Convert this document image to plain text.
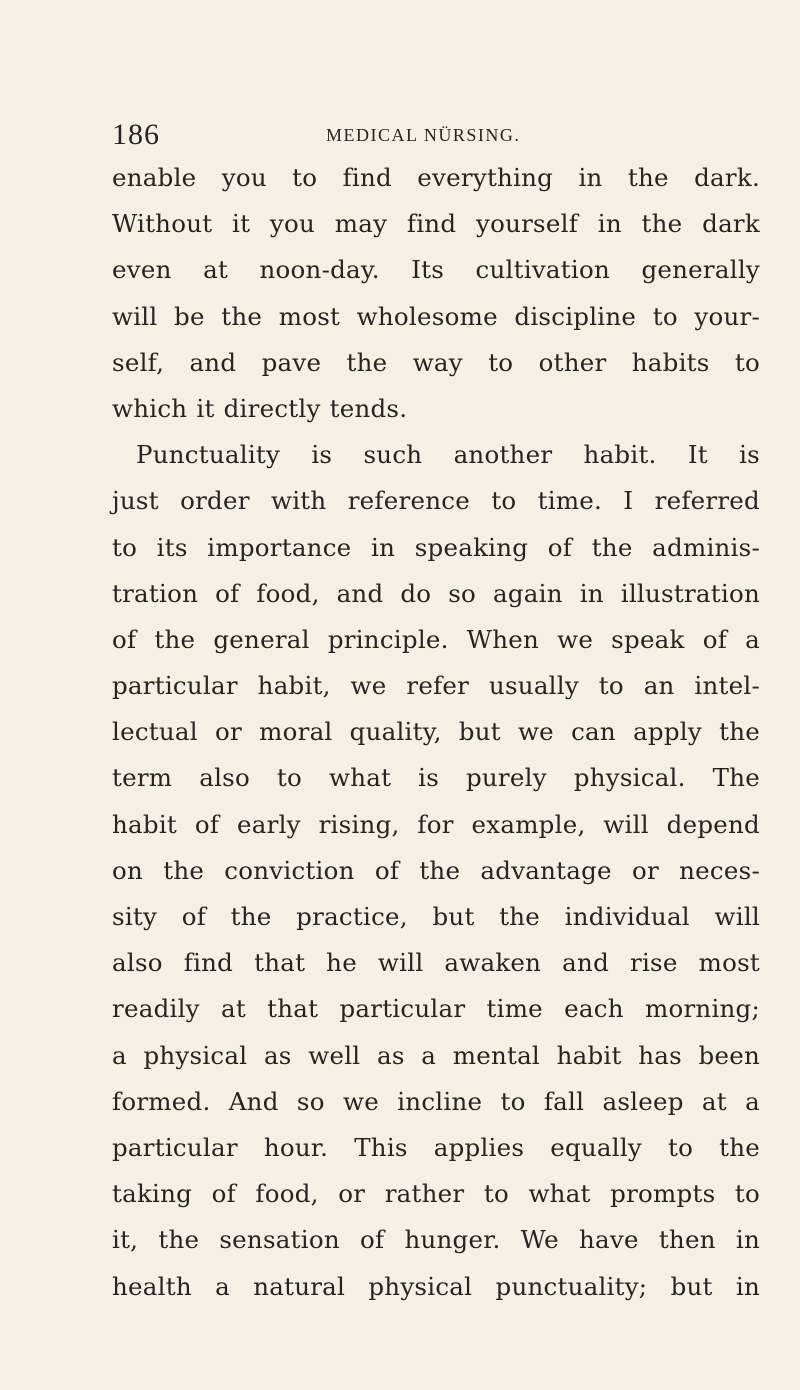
186	MEDICAL NÜRSING.
enable you to find everything in the dark.
Without it you may find yourself in the dark
even at noon-day. Its cultivation generally
will be the most wholesome discipline to your-
self, and pave the way to other habits to
which it directly tends.
Punctuality is such another habit. It is
just order with reference to time. I referred
to its importance in speaking of the adminis-
tration of food, and do so again in illustration
of the general principle. When we speak of a
particular habit, we refer usually to an intel-
lectual or moral quality, but we can apply the
term also to what is purely physical. The
habit of early rising, for example, will depend
on the conviction of the advantage or neces-
sity of the practice, but the individual will
also find that he will awaken and rise most
readily at that particular time each morning;
a physical as well as a mental habit has been
formed. And so we incline to fall asleep at a
particular hour. This applies equally to the
taking of food, or rather to what prompts to
it, the sensation of hunger. We have then in
health a natural physical punctuality; but in
